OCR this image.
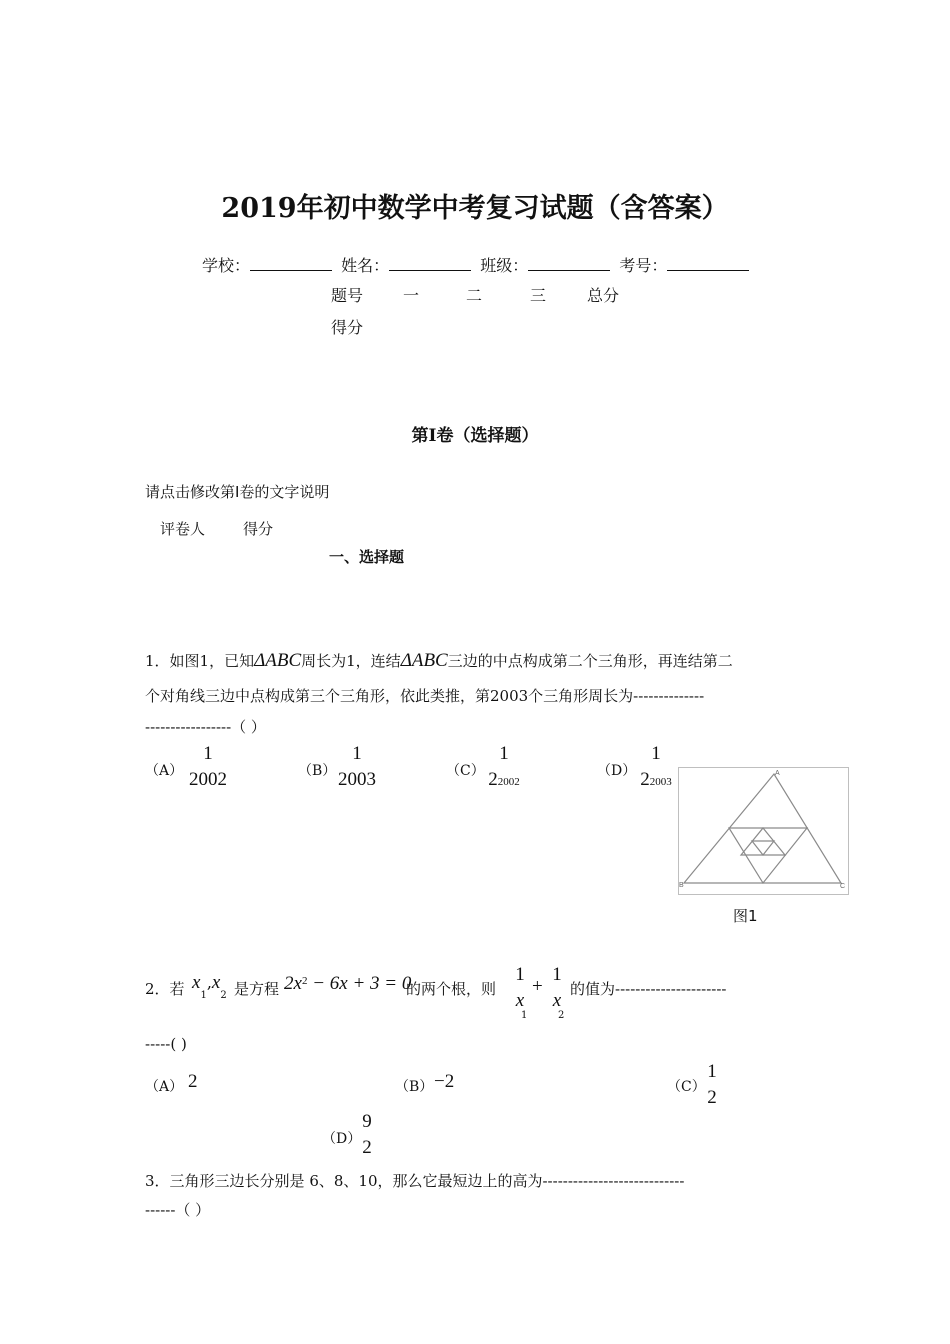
2019年初中数学中考复习试题（含答案）
学校：	姓名：	班级：	考号：
题号 一	二	三	总分
得分
第I卷（选择题）
请点击修改第I卷的文字说明
评卷人	得分
一、选择题
1．如图1，已知ΔABC周长为1，连结ΔABC三边的中点构成第二个三角形，再连结第二
个对角线三边中点构成第三个三角形，依此类推，第2003个三角形周长为--------------
-----------------（ ）
（A）
1
2002	（B）
1
2003	（C）
1
22002
（D）
1
22003
A
B	C
图1
2．若 $x_1,x_2$ 是方程 $2x^2 - 6x + 3 = 0$
的两个根，则
1
x
1
+
1
x
2
的值为----------------------
-----( )
（A） 2	（B） −2	（C）
1
2
（D）
9
2
3．三角形三边长分别是 6、8、10，那么它最短边上的高为----------------------------
------（ ）
